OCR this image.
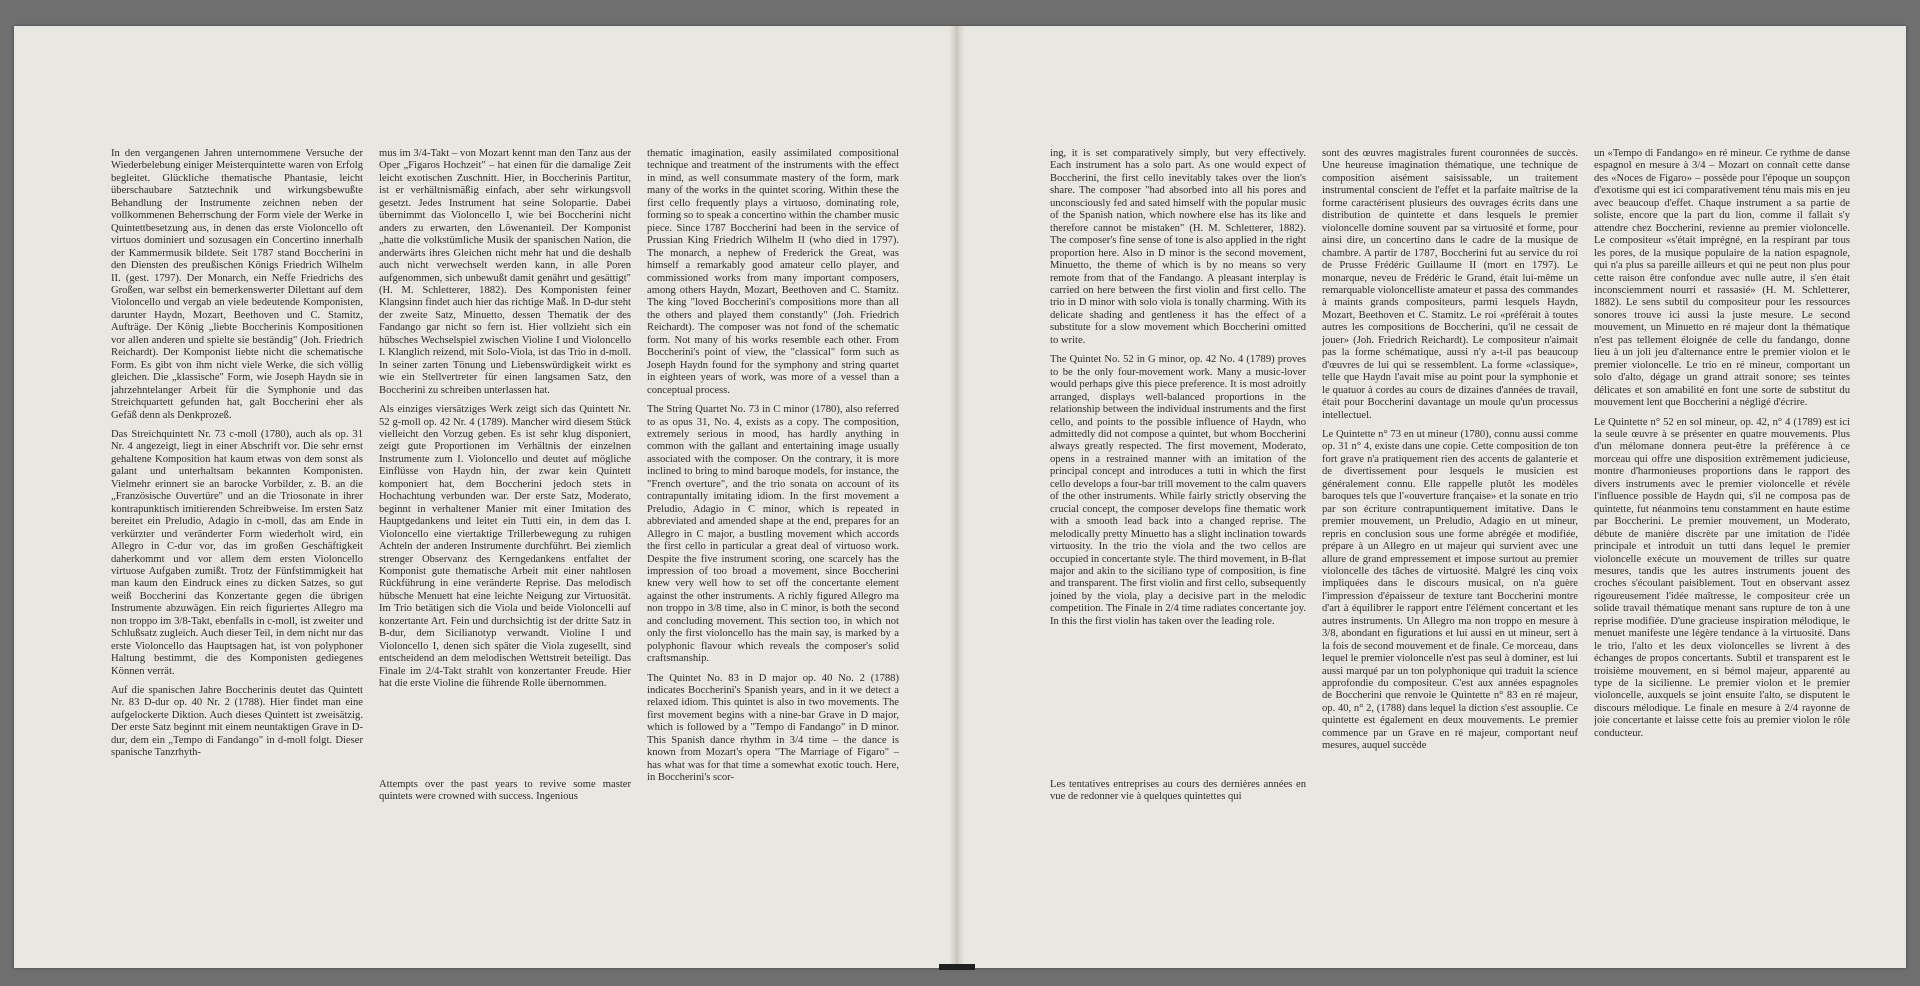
In den vergangenen Jahren unternommene Versuche der Wiederbelebung einiger Meisterquintette waren von Erfolg begleitet. Glückliche thematische Phantasie, leicht überschaubare Satztechnik und wirkungsbewußte Behandlung der Instrumente zeichnen neben der vollkommenen Beherrschung der Form viele der Werke in Quintettbesetzung aus, in denen das erste Violoncello oft virtuos dominiert und sozusagen ein Concertino innerhalb der Kammermusik bildete. Seit 1787 stand Boccherini in den Diensten des preußischen Königs Friedrich Wilhelm II. (gest. 1797). Der Monarch, ein Neffe Friedrichs des Großen, war selbst ein bemerkenswerter Dilettant auf dem Violoncello und vergab an viele bedeutende Komponisten, darunter Haydn, Mozart, Beethoven und C. Stamitz, Aufträge. Der König „liebte Boccherinis Kompositionen vor allen anderen und spielte sie beständig" (Joh. Friedrich Reichardt). Der Komponist liebte nicht die schematische Form. Es gibt von ihm nicht viele Werke, die sich völlig gleichen. Die „klassische" Form, wie Joseph Haydn sie in jahrzehntelanger Arbeit für die Symphonie und das Streichquartett gefunden hat, galt Boccherini eher als Gefäß denn als Denkprozeß.

Das Streichquintett Nr. 73 c-moll (1780), auch als op. 31 Nr. 4 angezeigt, liegt in einer Abschrift vor. Die sehr ernst gehaltene Komposition hat kaum etwas von dem sonst als galant und unterhaltsam bekannten Komponisten. Vielmehr erinnert sie an barocke Vorbilder, z. B. an die „Französische Ouvertüre" und an die Triosonate in ihrer kontrapunktisch imitierenden Schreibweise. Im ersten Satz bereitet ein Preludio, Adagio in c-moll, das am Ende in verkürzter und veränderter Form wiederholt wird, ein Allegro in C-dur vor, das im großen Geschäftigkeit daherkommt und vor allem dem ersten Violoncello virtuose Aufgaben zumißt. Trotz der Fünfstimmigkeit hat man kaum den Eindruck eines zu dicken Satzes, so gut weiß Boccherini das Konzertante gegen die übrigen Instrumente abzuwägen. Ein reich figuriertes Allegro ma non troppo im 3/8-Takt, ebenfalls in c-moll, ist zweiter und Schlußsatz zugleich. Auch dieser Teil, in dem nicht nur das erste Violoncello das Hauptsagen hat, ist von polyphoner Haltung bestimmt, die des Komponisten gediegenes Können verrät.

Auf die spanischen Jahre Boccherinis deutet das Quintett Nr. 83 D-dur op. 40 Nr. 2 (1788). Hier findet man eine aufgelockerte Diktion. Auch dieses Quintett ist zweisätzig. Der erste Satz beginnt mit einem neuntaktigen Grave in D-dur, dem ein „Tempo di Fandango" in d-moll folgt. Dieser spanische Tanzrhyth-

mus im 3/4-Takt – von Mozart kennt man den Tanz aus der Oper „Figaros Hochzeit" – hat einen für die damalige Zeit leicht exotischen Zuschnitt. Hier, in Boccherinis Partitur, ist er verhältnismäßig einfach, aber sehr wirkungsvoll gesetzt. Jedes Instrument hat seine Solopartie. Dabei übernimmt das Violoncello I, wie bei Boccherini nicht anders zu erwarten, den Löwenanteil. Der Komponist „hatte die volkstümliche Musik der spanischen Nation, die anderwärts ihres Gleichen nicht mehr hat und die deshalb auch nicht verwechselt werden kann, in alle Poren aufgenommen, sich unbewußt damit genährt und gesättigt" (H. M. Schletterer, 1882). Des Komponisten feiner Klangsinn findet auch hier das richtige Maß. In D-dur steht der zweite Satz, Minuetto, dessen Thematik der des Fandango gar nicht so fern ist. Hier vollzieht sich ein hübsches Wechselspiel zwischen Violine I und Violoncello I. Klanglich reizend, mit Solo-Viola, ist das Trio in d-moll. In seiner zarten Tönung und Liebenswürdigkeit wirkt es wie ein Stellvertreter für einen langsamen Satz, den Boccherini zu schreiben unterlassen hat.

Als einziges viersätziges Werk zeigt sich das Quintett Nr. 52 g-moll op. 42 Nr. 4 (1789). Mancher wird diesem Stück vielleicht den Vorzug geben. Es ist sehr klug disponiert, zeigt gute Proportionen im Verhältnis der einzelnen Instrumente zum I. Violoncello und deutet auf mögliche Einflüsse von Haydn hin, der zwar kein Quintett komponiert hat, dem Boccherini jedoch stets in Hochachtung verbunden war. Der erste Satz, Moderato, beginnt in verhaltener Manier mit einer Imitation des Hauptgedankens und leitet ein Tutti ein, in dem das I. Violoncello eine viertaktige Trillerbewegung zu ruhigen Achteln der anderen Instrumente durchführt. Bei ziemlich strenger Observanz des Kerngedankens entfaltet der Komponist gute thematische Arbeit mit einer nahtlosen Rückführung in eine veränderte Reprise. Das melodisch hübsche Menuett hat eine leichte Neigung zur Virtuosität. Im Trio betätigen sich die Viola und beide Violoncelli auf konzertante Art. Fein und durchsichtig ist der dritte Satz in B-dur, dem Sicilianotyp verwandt. Violine I und Violoncello I, denen sich später die Viola zugesellt, sind entscheidend an dem melodischen Wettstreit beteiligt. Das Finale im 2/4-Takt strahlt von konzertanter Freude. Hier hat die erste Violine die führende Rolle übernommen.

Attempts over the past years to revive some master quintets were crowned with success. Ingenious

thematic imagination, easily assimilated compositional technique and treatment of the instruments with the effect in mind, as well consummate mastery of the form, mark many of the works in the quintet scoring. Within these the first cello frequently plays a virtuoso, dominating role, forming so to speak a concertino within the chamber music piece. Since 1787 Boccherini had been in the service of Prussian King Friedrich Wilhelm II (who died in 1797). The monarch, a nephew of Frederick the Great, was himself a remarkably good amateur cello player, and commissioned works from many important composers, among others Haydn, Mozart, Beethoven and C. Stamitz. The king "loved Boccherini's compositions more than all the others and played them constantly" (Joh. Friedrich Reichardt). The composer was not fond of the schematic form. Not many of his works resemble each other. From Boccherini's point of view, the "classical" form such as Joseph Haydn found for the symphony and string quartet in eighteen years of work, was more of a vessel than a conceptual process.

The String Quartet No. 73 in C minor (1780), also referred to as opus 31, No. 4, exists as a copy. The composition, extremely serious in mood, has hardly anything in common with the gallant and entertaining image usually associated with the composer. On the contrary, it is more inclined to bring to mind baroque models, for instance, the "French overture", and the trio sonata on account of its contrapuntally imitating idiom. In the first movement a Preludio, Adagio in C minor, which is repeated in abbreviated and amended shape at the end, prepares for an Allegro in C major, a bustling movement which accords the first cello in particular a great deal of virtuoso work. Despite the five instrument scoring, one scarcely has the impression of too broad a movement, since Boccherini knew very well how to set off the concertante element against the other instruments. A richly figured Allegro ma non troppo in 3/8 time, also in C minor, is both the second and concluding movement. This section too, in which not only the first violoncello has the main say, is marked by a polyphonic flavour which reveals the composer's solid craftsmanship.

The Quintet No. 83 in D major op. 40 No. 2 (1788) indicates Boccherini's Spanish years, and in it we detect a relaxed idiom. This quintet is also in two movements. The first movement begins with a nine-bar Grave in D major, which is followed by a "Tempo di Fandango" in D minor. This Spanish dance rhythm in 3/4 time – the dance is known from Mozart's opera "The Marriage of Figaro" – has what was for that time a somewhat exotic touch. Here, in Boccherini's scor-

ing, it is set comparatively simply, but very effectively. Each instrument has a solo part. As one would expect of Boccherini, the first cello inevitably takes over the lion's share. The composer "had absorbed into all his pores and unconsciously fed and sated himself with the popular music of the Spanish nation, which nowhere else has its like and therefore cannot be mistaken" (H. M. Schletterer, 1882). The composer's fine sense of tone is also applied in the right proportion here. Also in D minor is the second movement, Minuetto, the theme of which is by no means so very remote from that of the Fandango. A pleasant interplay is carried on here between the first violin and first cello. The trio in D minor with solo viola is tonally charming. With its delicate shading and gentleness it has the effect of a substitute for a slow movement which Boccherini omitted to write.

The Quintet No. 52 in G minor, op. 42 No. 4 (1789) proves to be the only four-movement work. Many a music-lover would perhaps give this piece preference. It is most adroitly arranged, displays well-balanced proportions in the relationship between the individual instruments and the first cello, and points to the possible influence of Haydn, who admittedly did not compose a quintet, but whom Boccherini always greatly respected. The first movement, Moderato, opens in a restrained manner with an imitation of the principal concept and introduces a tutti in which the first cello develops a four-bar trill movement to the calm quavers of the other instruments. While fairly strictly observing the crucial concept, the composer develops fine thematic work with a smooth lead back into a changed reprise. The melodically pretty Minuetto has a slight inclination towards virtuosity. In the trio the viola and the two cellos are occupied in concertante style. The third movement, in B-flat major and akin to the siciliano type of composition, is fine and transparent. The first violin and first cello, subsequently joined by the viola, play a decisive part in the melodic competition. The Finale in 2/4 time radiates concertante joy. In this the first violin has taken over the leading role.

Les tentatives entreprises au cours des dernières années en vue de redonner vie à quelques quintettes qui

sont des œuvres magistrales furent couronnées de succès. Une heureuse imagination thématique, une technique de composition aisément saisissable, un traitement instrumental conscient de l'effet et la parfaite maîtrise de la forme caractérisent plusieurs des ouvrages écrits dans une distribution de quintette et dans lesquels le premier violoncelle domine souvent par sa virtuosité et forme, pour ainsi dire, un concertino dans le cadre de la musique de chambre. A partir de 1787, Boccherini fut au service du roi de Prusse Frédéric Guillaume II (mort en 1797). Le monarque, neveu de Frédéric le Grand, était lui-même un remarquable violoncelliste amateur et passa des commandes à maints grands compositeurs, parmi lesquels Haydn, Mozart, Beethoven et C. Stamitz. Le roi «préférait à toutes autres les compositions de Boccherini, qu'il ne cessait de jouer» (Joh. Friedrich Reichardt). Le compositeur n'aimait pas la forme schématique, aussi n'y a-t-il pas beaucoup d'œuvres de lui qui se ressemblent. La forme «classique», telle que Haydn l'avait mise au point pour la symphonie et le quatuor à cordes au cours de dizaines d'années de travail, était pour Boccherini davantage un moule qu'un processus intellectuel.

Le Quintette n° 73 en ut mineur (1780), connu aussi comme op. 31 n° 4, existe dans une copie. Cette composition de ton fort grave n'a pratiquement rien des accents de galanterie et de divertissement pour lesquels le musicien est généralement connu. Elle rappelle plutôt les modèles baroques tels que l'«ouverture française» et la sonate en trio par son écriture contrapuntiquement imitative. Dans le premier mouvement, un Preludio, Adagio en ut mineur, repris en conclusion sous une forme abrégée et modifiée, prépare à un Allegro en ut majeur qui survient avec une allure de grand empressement et impose surtout au premier violoncelle des tâches de virtuosité. Malgré les cinq voix impliquées dans le discours musical, on n'a guère l'impression d'épaisseur de texture tant Boccherini montre d'art à équilibrer le rapport entre l'élément concertant et les autres instruments. Un Allegro ma non troppo en mesure à 3/8, abondant en figurations et lui aussi en ut mineur, sert à la fois de second mouvement et de finale. Ce morceau, dans lequel le premier violoncelle n'est pas seul à dominer, est lui aussi marqué par un ton polyphonique qui traduit la science approfondie du compositeur. C'est aux années espagnoles de Boccherini que renvoie le Quintette n° 83 en ré majeur, op. 40, n° 2, (1788) dans lequel la diction s'est assouplie. Ce quintette est également en deux mouvements. Le premier commence par un Grave en ré majeur, comportant neuf mesures, auquel succède

un «Tempo di Fandango» en ré mineur. Ce rythme de danse espagnol en mesure à 3/4 – Mozart on connaît cette danse des «Noces de Figaro» – possède pour l'époque un soupçon d'exotisme qui est ici comparativement ténu mais mis en jeu avec beaucoup d'effet. Chaque instrument a sa partie de soliste, encore que la part du lion, comme il fallait s'y attendre chez Boccherini, revienne au premier violoncelle. Le compositeur «s'était imprégné, en la respirant par tous les pores, de la musique populaire de la nation espagnole, qui n'a plus sa pareille ailleurs et qui ne peut non plus pour cette raison être confondue avec nulle autre, il s'en était inconsciemment nourri et rassasié» (H. M. Schletterer, 1882). Le sens subtil du compositeur pour les ressources sonores trouve ici aussi la juste mesure. Le second mouvement, un Minuetto en ré majeur dont la thématique n'est pas tellement éloignée de celle du fandango, donne lieu à un joli jeu d'alternance entre le premier violon et le premier violoncelle. Le trio en ré mineur, comportant un solo d'alto, dégage un grand attrait sonore; ses teintes délicates et son amabilité en font une sorte de substitut du mouvement lent que Boccherini a négligé d'écrire.

Le Quintette n° 52 en sol mineur, op. 42, n° 4 (1789) est ici la seule œuvre à se présenter en quatre mouvements. Plus d'un mélomane donnera peut-être la préférence à ce morceau qui offre une disposition extrêmement judicieuse, montre d'harmonieuses proportions dans le rapport des divers instruments avec le premier violoncelle et révèle l'influence possible de Haydn qui, s'il ne composa pas de quintette, fut néanmoins tenu constamment en haute estime par Boccherini. Le premier mouvement, un Moderato, débute de manière discrète par une imitation de l'idée principale et introduit un tutti dans lequel le premier violoncelle exécute un mouvement de trilles sur quatre mesures, tandis que les autres instruments jouent des croches s'écoulant paisiblement. Tout en observant assez rigoureusement l'idée maîtresse, le compositeur crée un solide travail thématique menant sans rupture de ton à une reprise modifiée. D'une gracieuse inspiration mélodique, le menuet manifeste une légère tendance à la virtuosité. Dans le trio, l'alto et les deux violoncelles se livrent à des échanges de propos concertants. Subtil et transparent est le troisième mouvement, en si bémol majeur, apparenté au type de la sicilienne. Le premier violon et le premier violoncelle, auxquels se joint ensuite l'alto, se disputent le discours mélodique. Le finale en mesure à 2/4 rayonne de joie concertante et laisse cette fois au premier violon le rôle conducteur.
